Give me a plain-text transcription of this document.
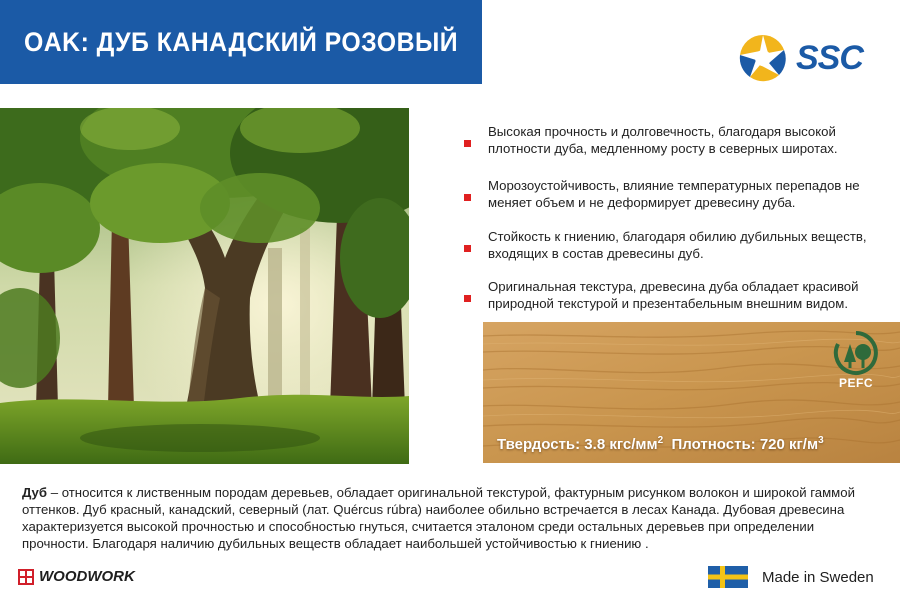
OAK: ДУБ КАНАДСКИЙ РОЗОВЫЙ	SSC
Высокая прочность и долговечность, благодаря высокой плотности дуба, медленному росту в северных широтах.
Морозоустойчивость, влияние температурных перепадов не меняет объем и не деформирует древесину дуба.
Стойкость к гниению, благодаря обилию дубильных веществ, входящих в состав древесины дуб.
Оригинальная текстура, древесина дуба обладает красивой природной текстурой и презентабельным внешним видом.
PEFC
Твердость: 3.8 кгс/$мм^2$ Плотность: 720 $кг/м^3$

Дуб – относится к лиственным породам деревьев, обладает оригинальной текстурой, фактурным рисунком волокон и широкой гаммой оттенков. Дуб красный, канадский, северный (лат. Quércus rúbra) наиболее обильно встречается в лесах Канада. Дубовая древесина характеризуется высокой прочностью и способностью гнуться, считается эталоном среди остальных деревьев при определении прочности. Благодаря наличию дубильных веществ обладает наибольшей устойчивостью к гниению .

WOODWORK	Made in Sweden
